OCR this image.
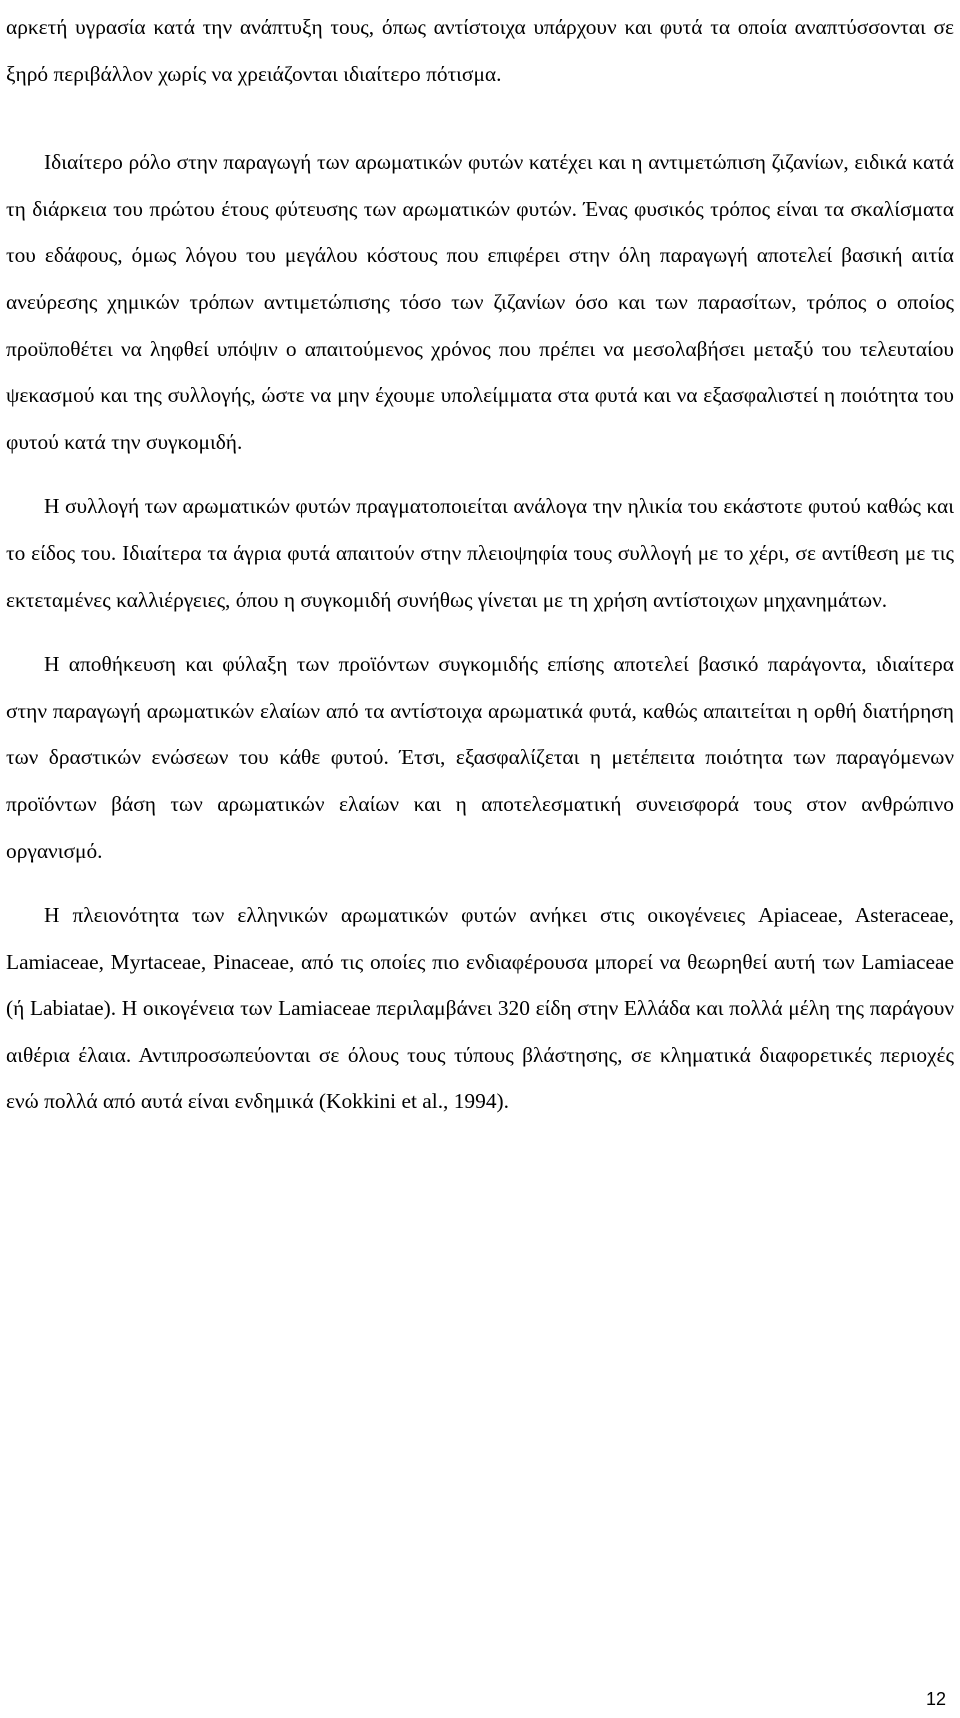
αρκετή υγρασία κατά την ανάπτυξη τους, όπως αντίστοιχα υπάρχουν και φυτά τα οποία αναπτύσσονται σε ξηρό περιβάλλον χωρίς να χρειάζονται ιδιαίτερο πότισμα.

Ιδιαίτερο ρόλο στην παραγωγή των αρωματικών φυτών κατέχει και η αντιμετώπιση ζιζανίων, ειδικά κατά τη διάρκεια του πρώτου έτους φύτευσης των αρωματικών φυτών. Ένας φυσικός τρόπος είναι τα σκαλίσματα του εδάφους, όμως λόγου του μεγάλου κόστους που επιφέρει στην όλη παραγωγή αποτελεί βασική αιτία ανεύρεσης χημικών τρόπων αντιμετώπισης τόσο των ζιζανίων όσο και των παρασίτων, τρόπος ο οποίος προϋποθέτει να ληφθεί υπόψιν ο απαιτούμενος χρόνος που πρέπει να μεσολαβήσει μεταξύ του τελευταίου ψεκασμού και της συλλογής, ώστε να μην έχουμε υπολείμματα στα φυτά και να εξασφαλιστεί η ποιότητα του φυτού κατά την συγκομιδή.

Η συλλογή των αρωματικών φυτών πραγματοποιείται ανάλογα την ηλικία του εκάστοτε φυτού καθώς και το είδος του. Ιδιαίτερα τα άγρια φυτά απαιτούν στην πλειοψηφία τους συλλογή με το χέρι, σε αντίθεση με τις εκτεταμένες καλλιέργειες, όπου η συγκομιδή συνήθως γίνεται με τη χρήση αντίστοιχων μηχανημάτων.

Η αποθήκευση και φύλαξη των προϊόντων συγκομιδής επίσης αποτελεί βασικό παράγοντα, ιδιαίτερα στην παραγωγή αρωματικών ελαίων από τα αντίστοιχα αρωματικά φυτά, καθώς απαιτείται η ορθή διατήρηση των δραστικών ενώσεων του κάθε φυτού. Έτσι, εξασφαλίζεται η μετέπειτα ποιότητα των παραγόμενων προϊόντων βάση των αρωματικών ελαίων και η αποτελεσματική συνεισφορά τους στον ανθρώπινο οργανισμό.

Η πλειονότητα των ελληνικών αρωματικών φυτών ανήκει στις οικογένειες Apiaceae, Asteraceae, Lamiaceae, Myrtaceae, Pinaceae, από τις οποίες πιο ενδιαφέρουσα μπορεί να θεωρηθεί αυτή των Lamiaceae (ή Labiatae). Η οικογένεια των Lamiaceae περιλαμβάνει 320 είδη στην Ελλάδα και πολλά μέλη της παράγουν αιθέρια έλαια. Αντιπροσωπεύονται σε όλους τους τύπους βλάστησης, σε κληματικά διαφορετικές περιοχές ενώ πολλά από αυτά είναι ενδημικά (Kokkini et al., 1994).

12
